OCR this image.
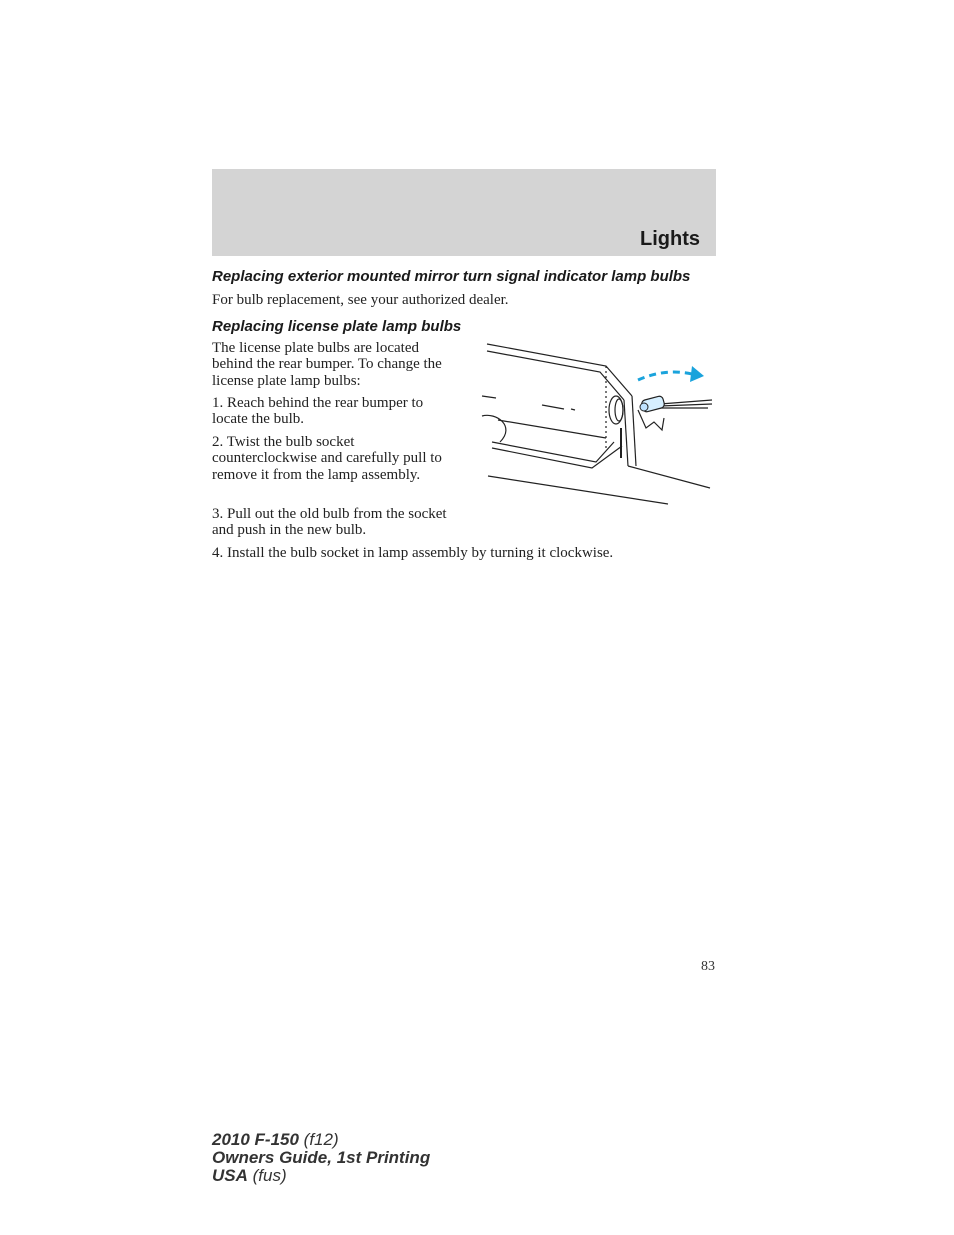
Lights
Replacing exterior mounted mirror turn signal indicator lamp bulbs
For bulb replacement, see your authorized dealer.
Replacing license plate lamp bulbs
The license plate bulbs are located behind the rear bumper. To change the license plate lamp bulbs:
1. Reach behind the rear bumper to locate the bulb.
2. Twist the bulb socket counterclockwise and carefully pull to remove it from the lamp assembly.
3. Pull out the old bulb from the socket and push in the new bulb.
4. Install the bulb socket in lamp assembly by turning it clockwise.
83
2010 F-150 (f12)
Owners Guide, 1st Printing
USA (fus)
